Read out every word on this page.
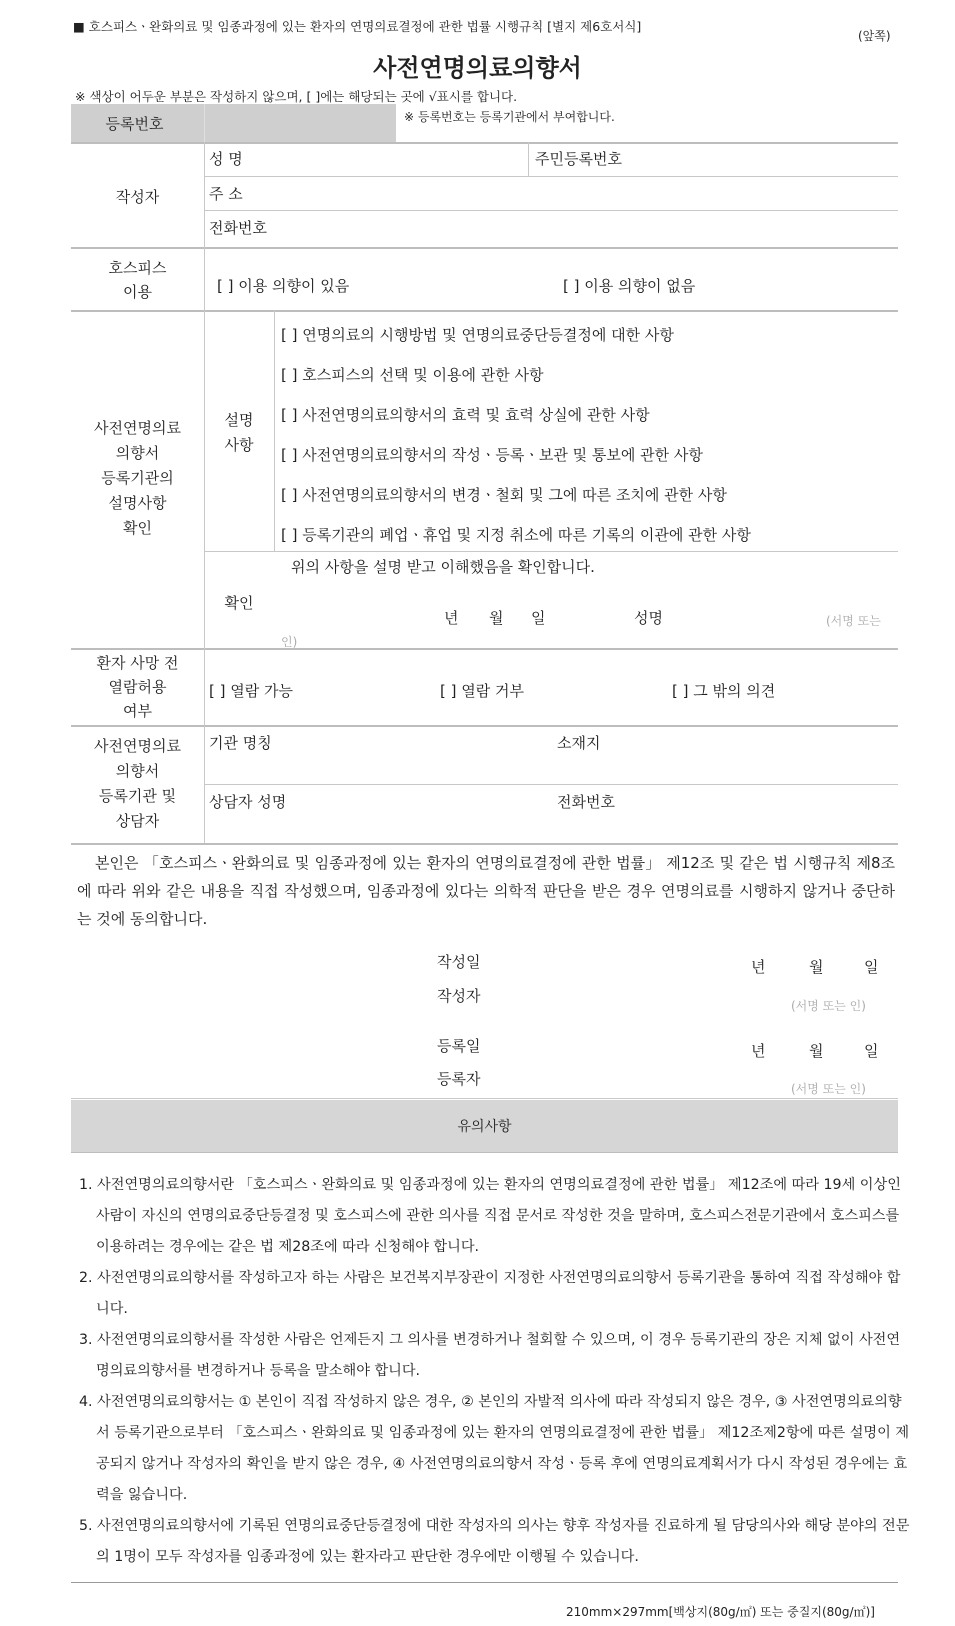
■ 호스피스ㆍ완화의료 및 임종과정에 있는 환자의 연명의료결정에 관한 법률 시행규칙 [별지 제6호서식]
(앞쪽)
사전연명의료의향서
※ 색상이 어두운 부분은 작성하지 않으며, [ ]에는 해당되는 곳에 √표시를 합니다.
등록번호	※ 등록번호는 등록기관에서 부여합니다.
작성자
성 명	주민등록번호
주 소
전화번호
호스피스
이용	[ ] 이용 의향이 있음	[ ] 이용 의향이 없음
사전연명의료
의향서
등록기관의
설명사항
확인
설명
사항
[ ] 연명의료의 시행방법 및 연명의료중단등결정에 대한 사항
[ ] 호스피스의 선택 및 이용에 관한 사항
[ ] 사전연명의료의향서의 효력 및 효력 상실에 관한 사항
[ ] 사전연명의료의향서의 작성ㆍ등록ㆍ보관 및 통보에 관한 사항
[ ] 사전연명의료의향서의 변경ㆍ철회 및 그에 따른 조치에 관한 사항
[ ] 등록기관의 폐업ㆍ휴업 및 지정 취소에 따른 기록의 이관에 관한 사항
확인
위의 사항을 설명 받고 이해했음을 확인합니다.
년 월 일	성명	(서명 또는
인)
환자 사망 전
열람허용
여부
[ ] 열람 가능	[ ] 열람 거부	[ ] 그 밖의 의견
사전연명의료
의향서
등록기관 및
상담자
기관 명칭	소재지
상담자 성명	전화번호
본인은 「호스피스ㆍ완화의료 및 임종과정에 있는 환자의 연명의료결정에 관한 법률」 제12조 및 같은 법 시행규칙 제8조에 따라 위와 같은 내용을 직접 작성했으며, 임종과정에 있다는 의학적 판단을 받은 경우 연명의료를 시행하지 않거나 중단하는 것에 동의합니다.
작성일	년	월	일
작성자
(서명 또는 인)
등록일	년	월	일
등록자
(서명 또는 인)
유의사항
1. 사전연명의료의향서란 「호스피스ㆍ완화의료 및 임종과정에 있는 환자의 연명의료결정에 관한 법률」 제12조에 따라 19세 이상인 사람이 자신의 연명의료중단등결정 및 호스피스에 관한 의사를 직접 문서로 작성한 것을 말하며, 호스피스전문기관에서 호스피스를 이용하려는 경우에는 같은 법 제28조에 따라 신청해야 합니다.
2. 사전연명의료의향서를 작성하고자 하는 사람은 보건복지부장관이 지정한 사전연명의료의향서 등록기관을 통하여 직접 작성해야 합니다.
3. 사전연명의료의향서를 작성한 사람은 언제든지 그 의사를 변경하거나 철회할 수 있으며, 이 경우 등록기관의 장은 지체 없이 사전연명의료의향서를 변경하거나 등록을 말소해야 합니다.
4. 사전연명의료의향서는 ① 본인이 직접 작성하지 않은 경우, ② 본인의 자발적 의사에 따라 작성되지 않은 경우, ③ 사전연명의료의향서 등록기관으로부터 「호스피스ㆍ완화의료 및 임종과정에 있는 환자의 연명의료결정에 관한 법률」 제12조제2항에 따른 설명이 제공되지 않거나 작성자의 확인을 받지 않은 경우, ④ 사전연명의료의향서 작성ㆍ등록 후에 연명의료계획서가 다시 작성된 경우에는 효력을 잃습니다.
5. 사전연명의료의향서에 기록된 연명의료중단등결정에 대한 작성자의 의사는 향후 작성자를 진료하게 될 담당의사와 해당 분야의 전문의 1명이 모두 작성자를 임종과정에 있는 환자라고 판단한 경우에만 이행될 수 있습니다.
210mm×297mm[백상지(80g/㎡) 또는 중질지(80g/㎡)]
